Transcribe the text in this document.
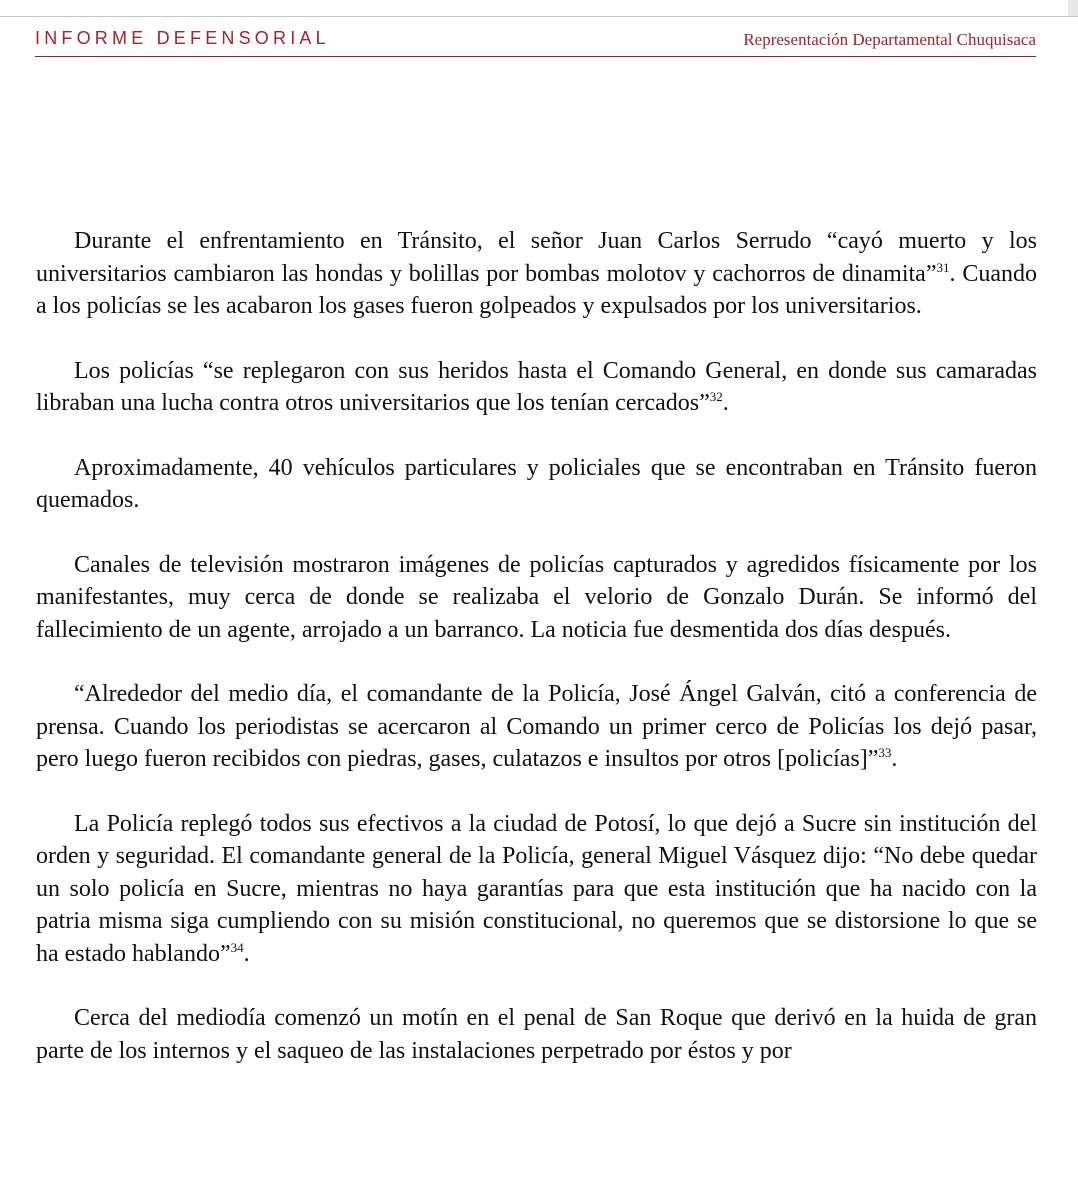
INFORME DEFENSORIAL	Representación Departamental Chuquisaca

Durante el enfrentamiento en Tránsito, el señor Juan Carlos Serrudo “cayó muerto y los universitarios cambiaron las hondas y bolillas por bombas molotov y cachorros de dinamita”$^{31}$. Cuando a los policías se les acabaron los gases fueron golpeados y expulsados por los universitarios.

Los policías “se replegaron con sus heridos hasta el Comando General, en donde sus camaradas libraban una lucha contra otros universitarios que los tenían cercados”$^{32}$.

Aproximadamente, 40 vehículos particulares y policiales que se encontraban en Tránsito fueron quemados.

Canales de televisión mostraron imágenes de policías capturados y agredidos físicamente por los manifestantes, muy cerca de donde se realizaba el velorio de Gonzalo Durán. Se informó del fallecimiento de un agente, arrojado a un barranco. La noticia fue desmentida dos días después.

“Alrededor del medio día, el comandante de la Policía, José Ángel Galván, citó a conferencia de prensa. Cuando los periodistas se acercaron al Comando un primer cerco de Policías los dejó pasar, pero luego fueron recibidos con piedras, gases, culatazos e insultos por otros [policías]”$^{33}$.

La Policía replegó todos sus efectivos a la ciudad de Potosí, lo que dejó a Sucre sin institución del orden y seguridad. El comandante general de la Policía, general Miguel Vásquez dijo: “No debe quedar un solo policía en Sucre, mientras no haya garantías para que esta institución que ha nacido con la patria misma siga cumpliendo con su misión constitucional, no queremos que se distorsione lo que se ha estado hablando”$^{34}$.

Cerca del mediodía comenzó un motín en el penal de San Roque que derivó en la huida de gran parte de los internos y el saqueo de las instalaciones perpetrado por éstos y por
